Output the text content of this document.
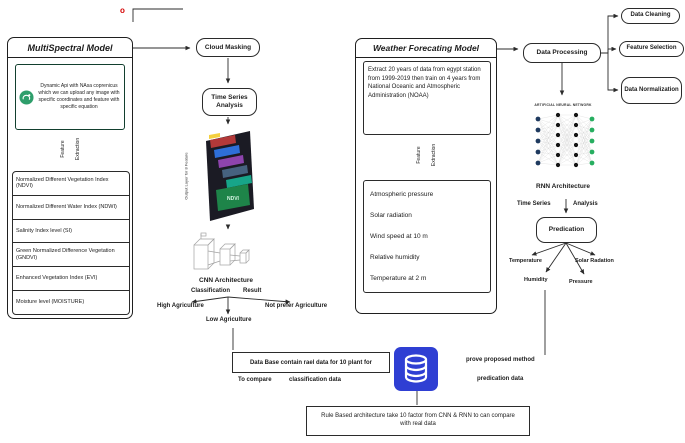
o
MultiSpectral Model
Dynamic Api with NAsa coprenicus which we can upload any image with specific coordinates and feature with specific equation
Normalized Different Vegetation Index (NDVI)
Normalized Different Water Index (NDWI)
Salinity Index level (SI)
Green Normalized Difference Vegetation (GNDVI)
Enhanced Vegetation Index (EVI)
Moisture level (MOISTURE)
Feature Extraction
Cloud Masking
Time Series Analysis
Output Layer for 8 Feature	NDVI
CNN Architecture
Classification Result
High Agriculture
Low Agriculture
Not prefer Agriculture
Weather Forecating Model
Extract 20 years of data from egypt station from 1999-2019 then train on 4 years from National Oceanic and Atmospheric Administration (NOAA)
Atmospheric pressure
Solar radiation
Wind speed at 10 m
Relative humidity
Temperature at 2 m
Feature Extraction
Data Processing
Data Cleaning
Feature Selection
Data Normalization
ARTIFICIAL NEURAL NETWORK
RNN Architecture
Time Series	Analysis
Predication
Temperature
Humidity
Solar Radation
Pressure
Data Base contain rael data for 10 plant for
To compare	classification data
prove proposed method
predication data
Rule Based architecture take 10 factor from CNN & RNN to can compare with real data
